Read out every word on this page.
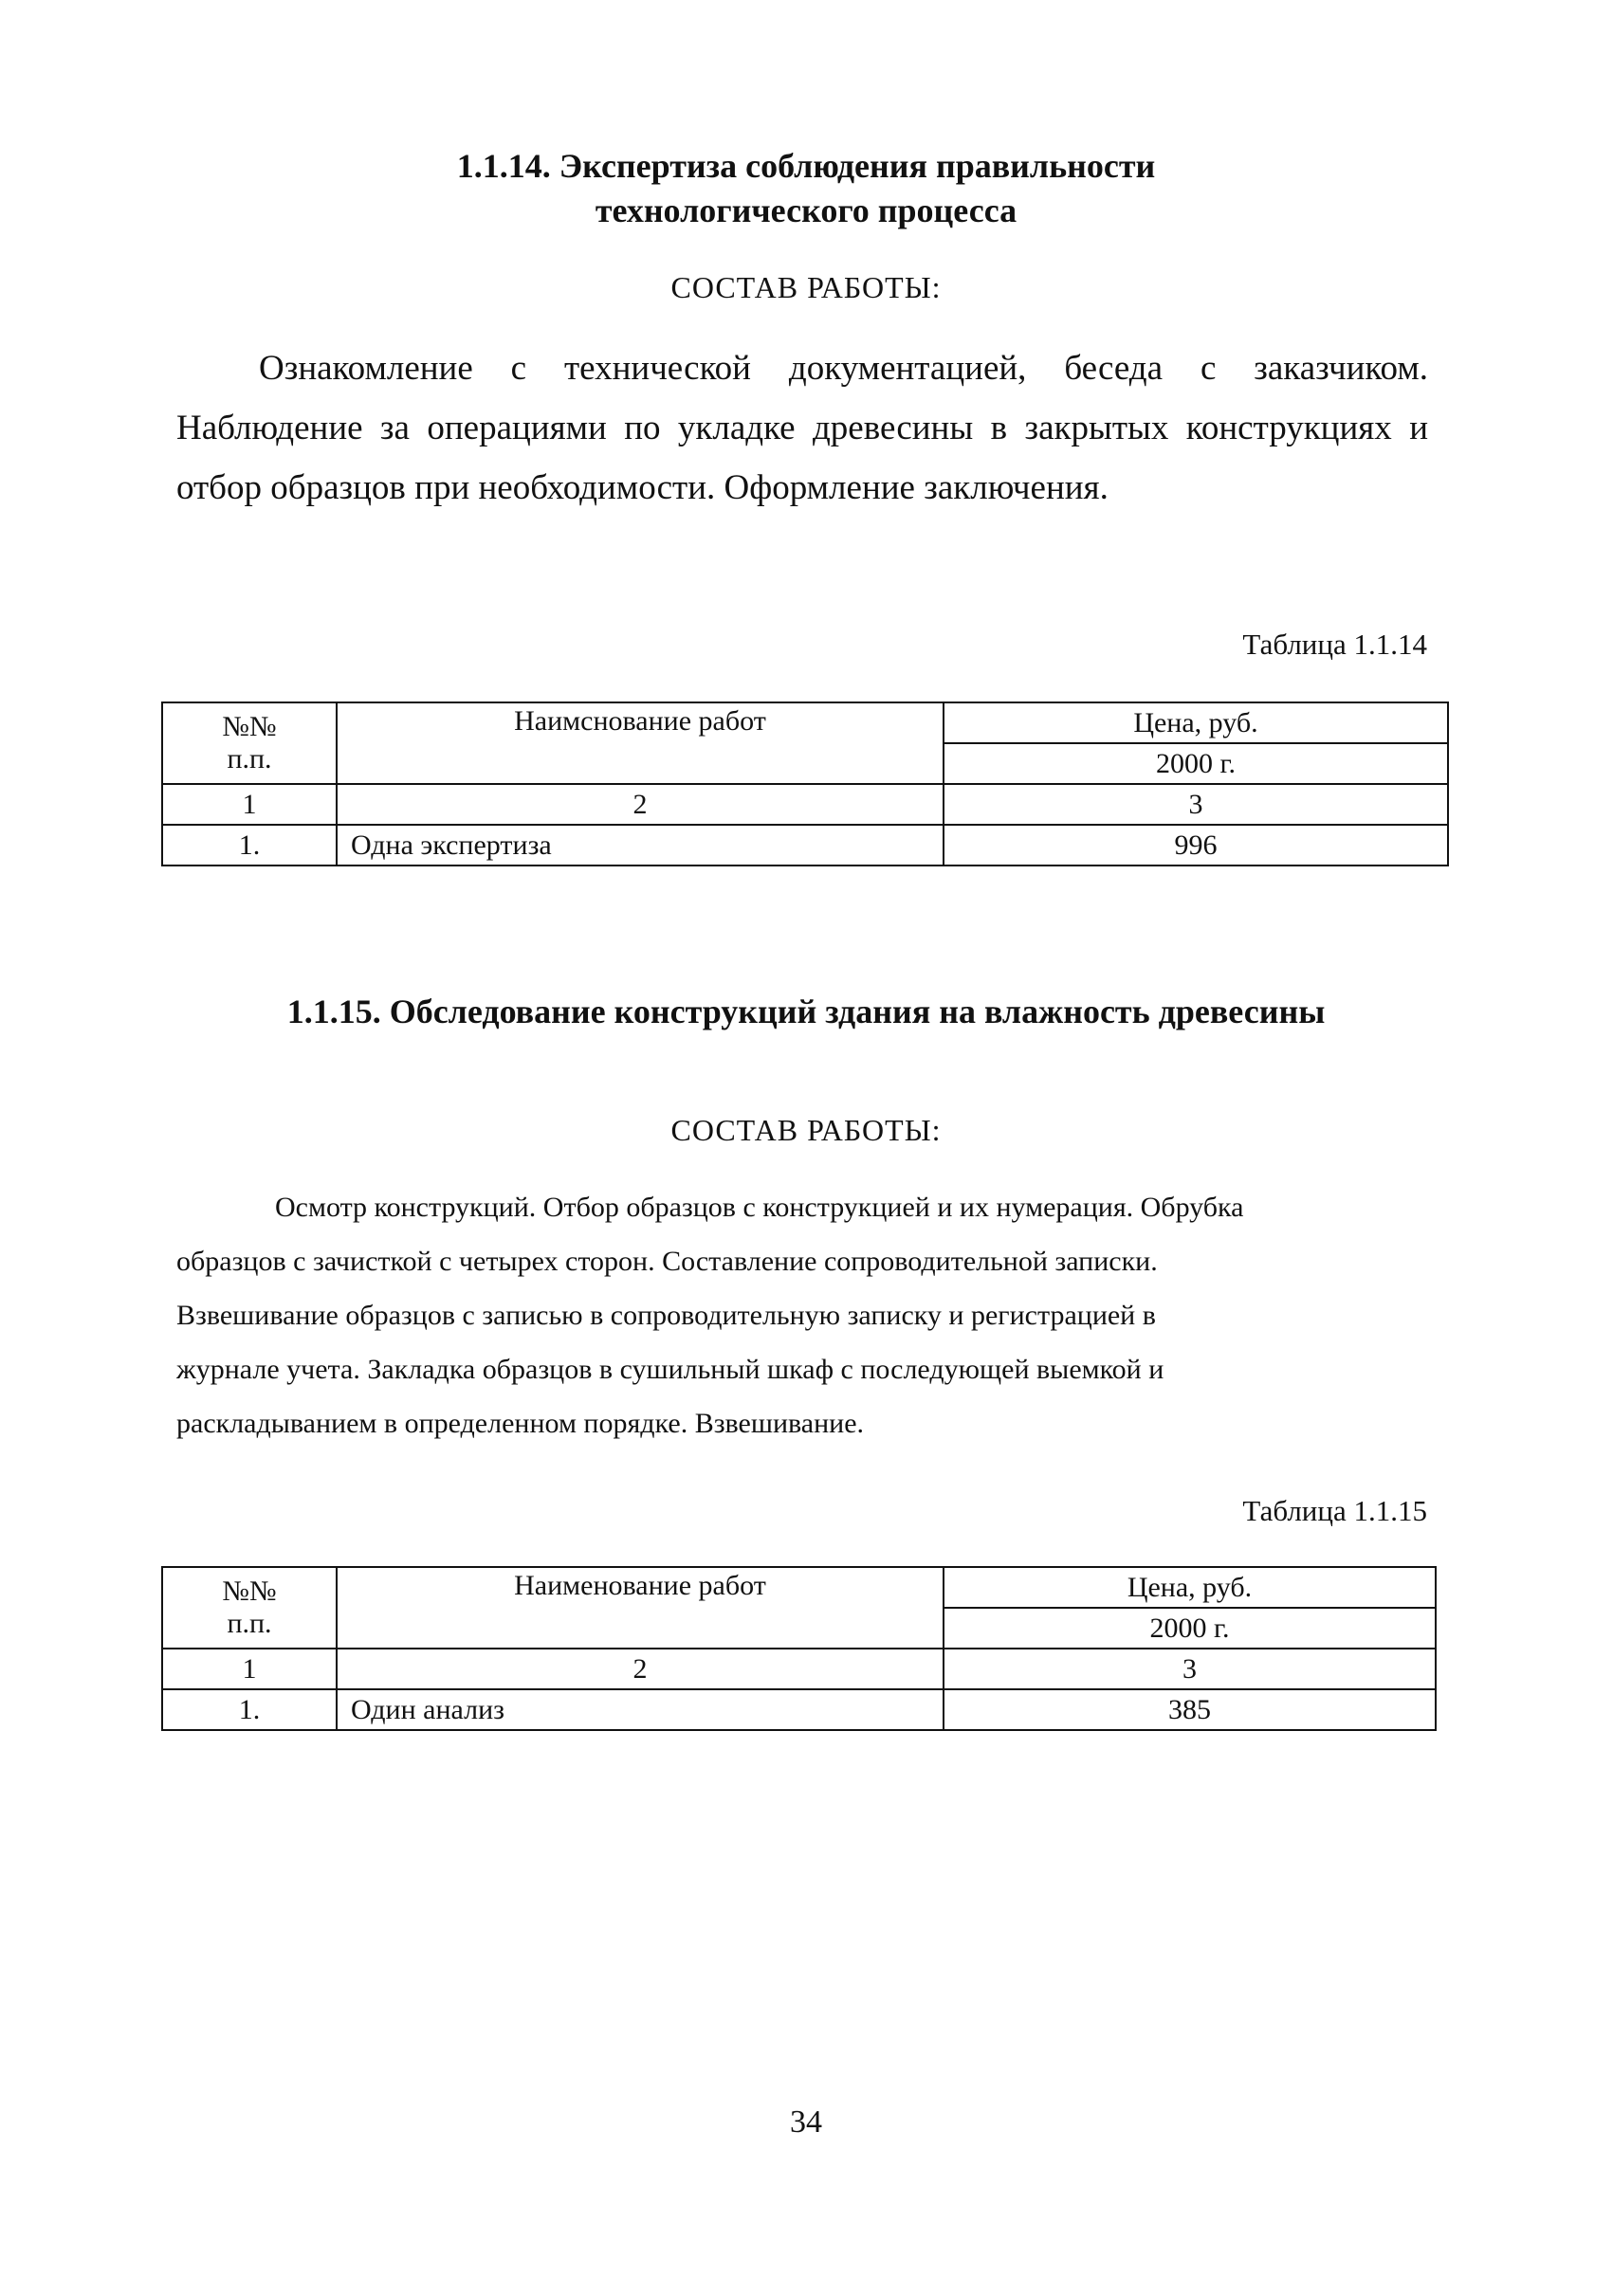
1.1.14. Экспертиза соблюдения правильности
технологического процесса
СОСТАВ РАБОТЫ:
Ознакомление с технической документацией, беседа с заказчиком. Наблюдение за операциями по укладке древесины в закрытых конструкциях и отбор образцов при необходимости. Оформление заключения.
Таблица 1.1.14
№№
п.п.	Наимснование работ	Цена, руб.
		2000 г.
1	2	3
1.	Одна экспертиза	996
1.1.15. Обследование конструкций здания на влажность древесины
СОСТАВ РАБОТЫ:
Осмотр конструкций. Отбор образцов с конструкцией и их нумерация. Обрубка
образцов с зачисткой с четырех сторон. Составление сопроводительной записки.
Взвешивание образцов с записью в сопроводительную записку и регистрацией в
журнале учета. Закладка образцов в сушильный шкаф с последующей выемкой и
раскладыванием в определенном порядке. Взвешивание.
Таблица 1.1.15
№№
п.п.	Наименование работ	Цена, руб.
		2000 г.
1	2	3
1.	Один анализ	385
34
